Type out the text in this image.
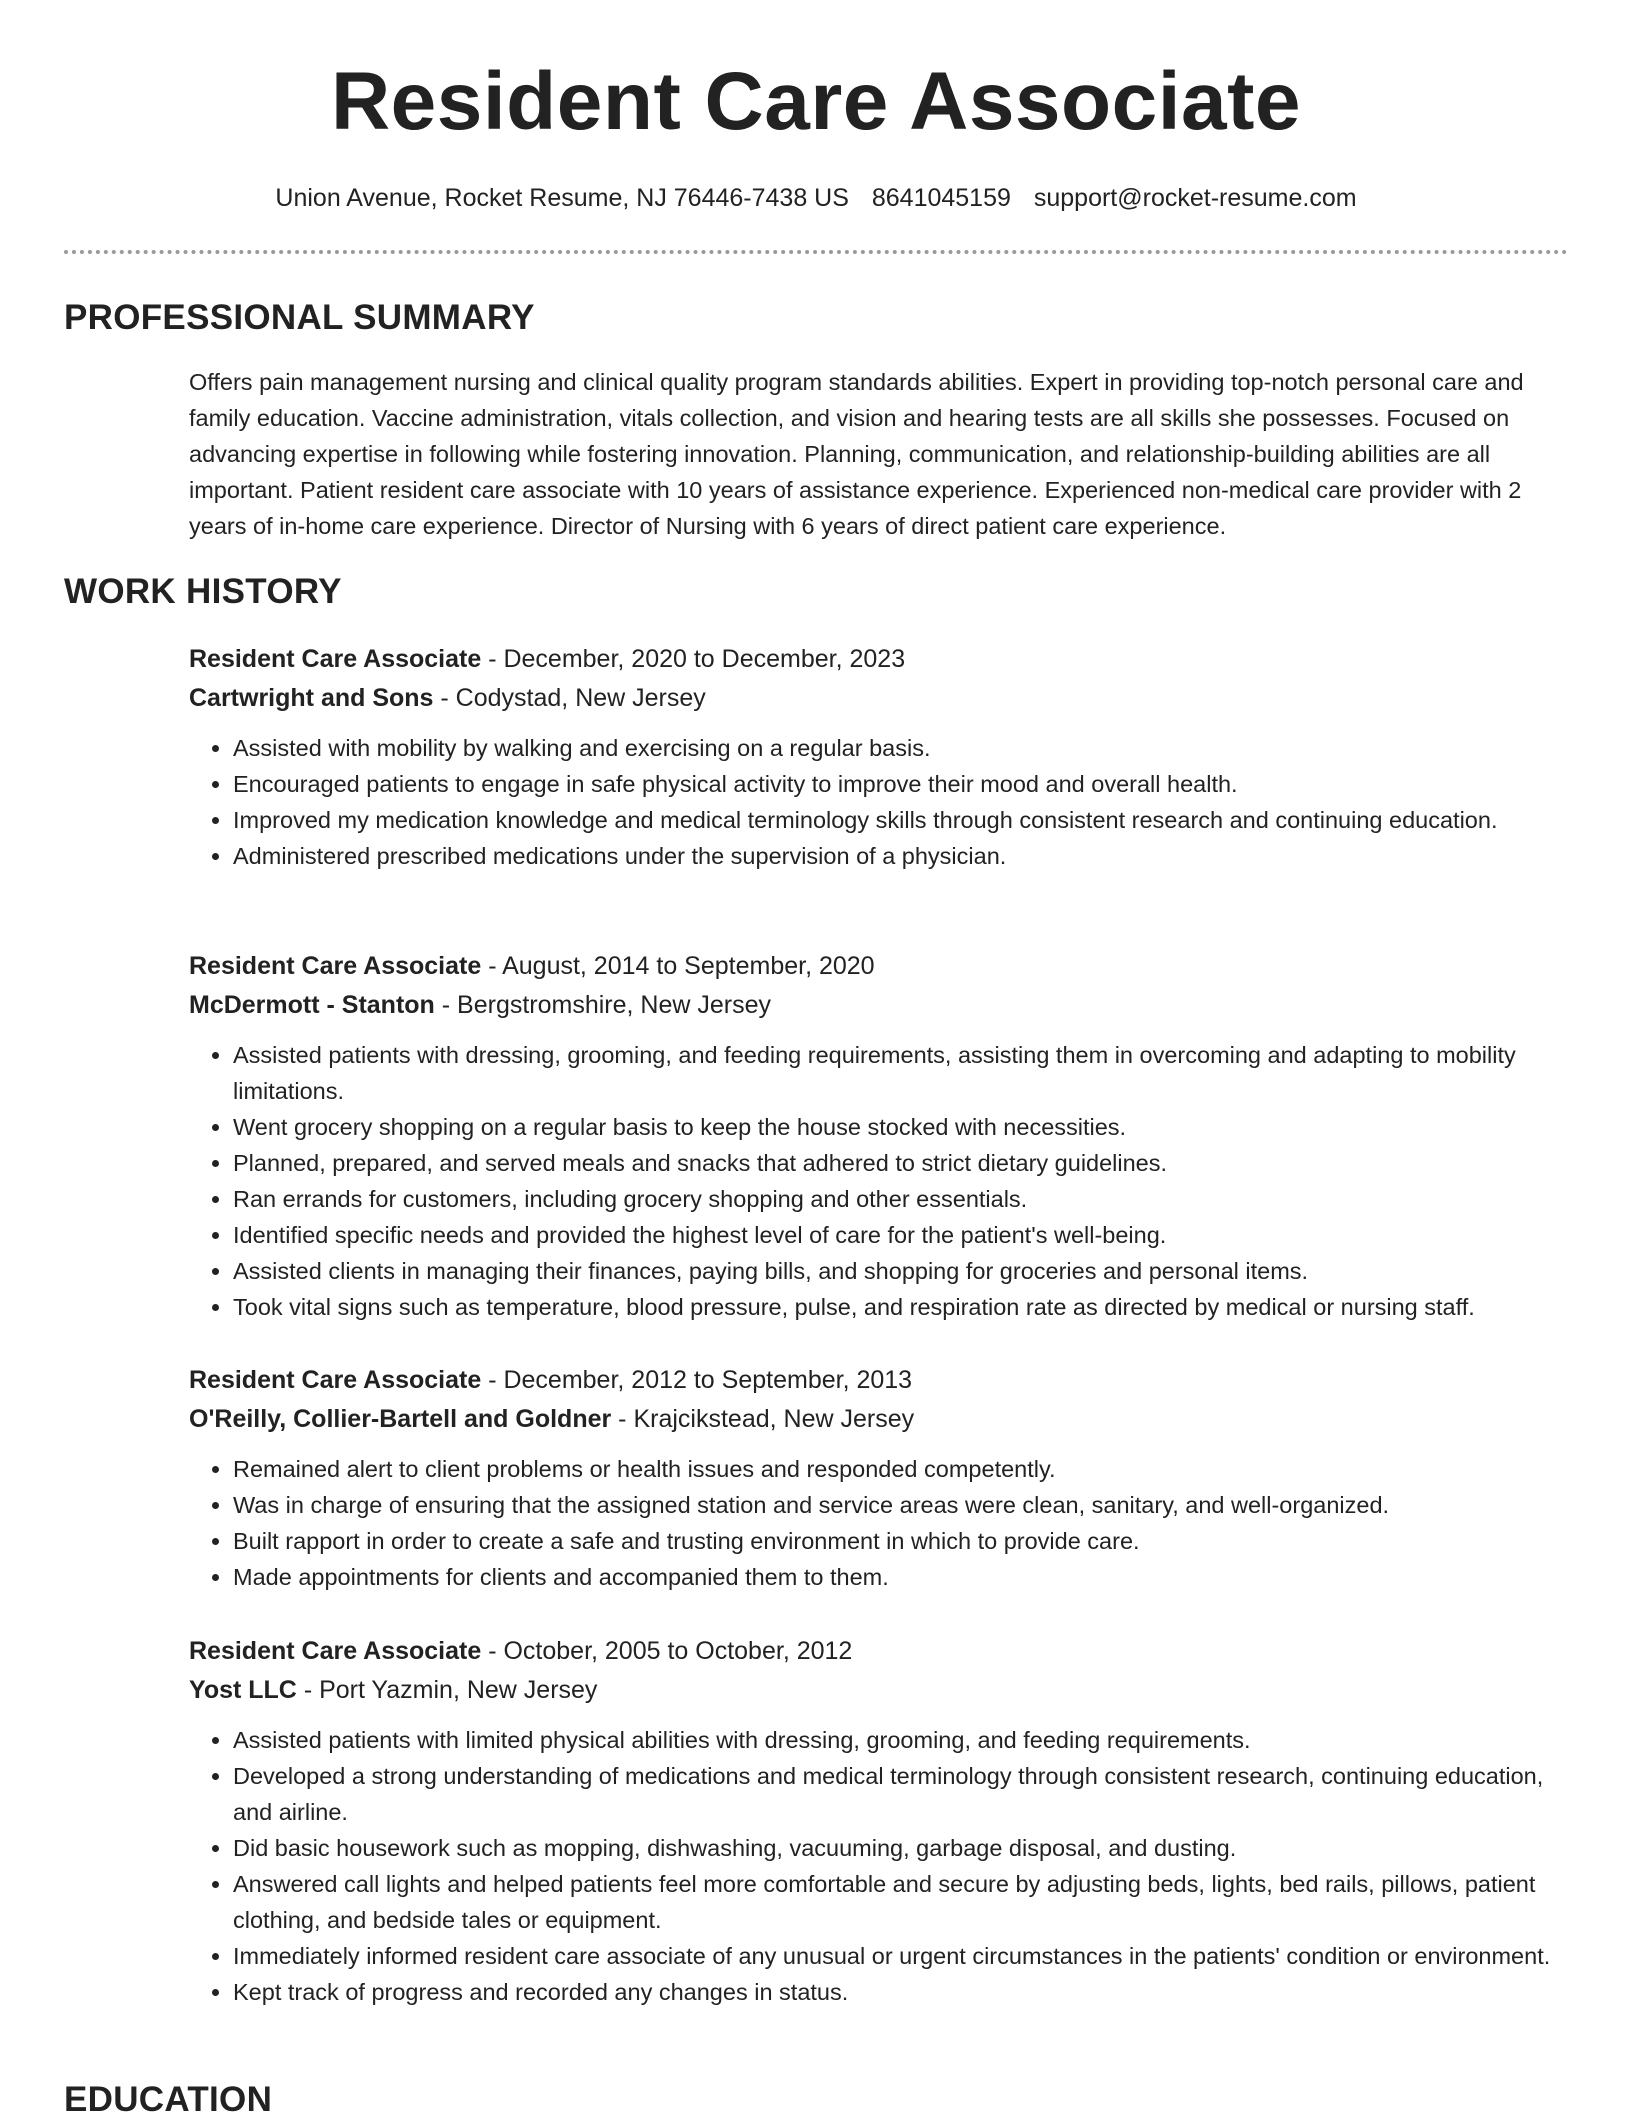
Resident Care Associate
Union Avenue, Rocket Resume, NJ 76446-7438 US 8641045159 support@rocket-resume.com
PROFESSIONAL SUMMARY

Offers pain management nursing and clinical quality program standards abilities. Expert in providing top-notch personal care and family education. Vaccine administration, vitals collection, and vision and hearing tests are all skills she possesses. Focused on advancing expertise in following while fostering innovation. Planning, communication, and relationship-building abilities are all important. Patient resident care associate with 10 years of assistance experience. Experienced non-medical care provider with 2 years of in-home care experience. Director of Nursing with 6 years of direct patient care experience.

WORK HISTORY

Resident Care Associate - December, 2020 to December, 2023

Cartwright and Sons - Codystad, New Jersey

• Assisted with mobility by walking and exercising on a regular basis.
• Encouraged patients to engage in safe physical activity to improve their mood and overall health.
• Improved my medication knowledge and medical terminology skills through consistent research and continuing education.
• Administered prescribed medications under the supervision of a physician.

Resident Care Associate - August, 2014 to September, 2020

McDermott - Stanton - Bergstromshire, New Jersey

• Assisted patients with dressing, grooming, and feeding requirements, assisting them in overcoming and adapting to mobility limitations.
• Went grocery shopping on a regular basis to keep the house stocked with necessities.
• Planned, prepared, and served meals and snacks that adhered to strict dietary guidelines.
• Ran errands for customers, including grocery shopping and other essentials.
• Identified specific needs and provided the highest level of care for the patient's well-being.
• Assisted clients in managing their finances, paying bills, and shopping for groceries and personal items.
• Took vital signs such as temperature, blood pressure, pulse, and respiration rate as directed by medical or nursing staff.

Resident Care Associate - December, 2012 to September, 2013

O'Reilly, Collier-Bartell and Goldner - Krajcikstead, New Jersey

• Remained alert to client problems or health issues and responded competently.
• Was in charge of ensuring that the assigned station and service areas were clean, sanitary, and well-organized.
• Built rapport in order to create a safe and trusting environment in which to provide care.
• Made appointments for clients and accompanied them to them.

Resident Care Associate - October, 2005 to October, 2012

Yost LLC - Port Yazmin, New Jersey

• Assisted patients with limited physical abilities with dressing, grooming, and feeding requirements.
• Developed a strong understanding of medications and medical terminology through consistent research, continuing education, and airline.
• Did basic housework such as mopping, dishwashing, vacuuming, garbage disposal, and dusting.
• Answered call lights and helped patients feel more comfortable and secure by adjusting beds, lights, bed rails, pillows, patient clothing, and bedside tales or equipment.
• Immediately informed resident care associate of any unusual or urgent circumstances in the patients' condition or environment.
• Kept track of progress and recorded any changes in status.
EDUCATION
